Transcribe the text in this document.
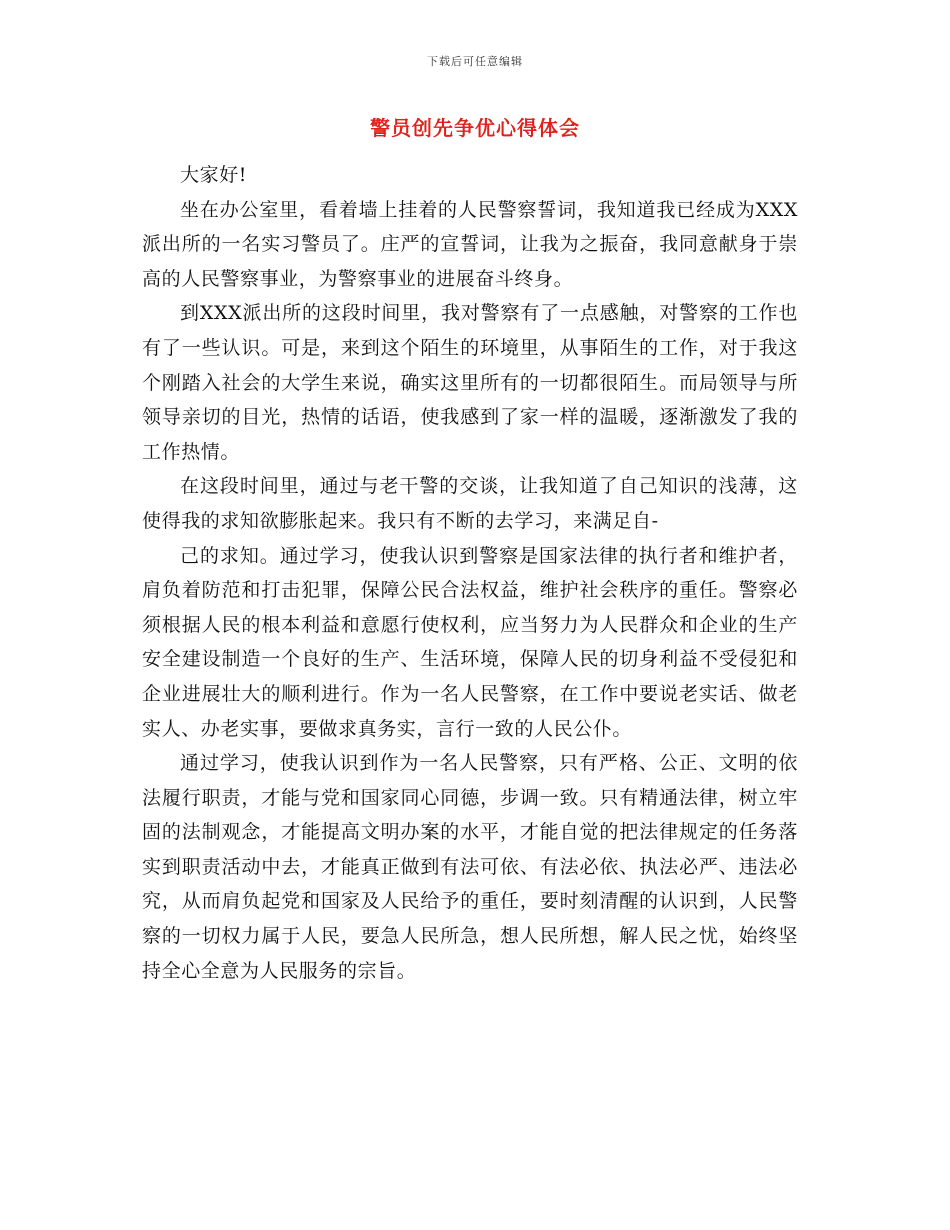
下载后可任意编辑
警员创先争优心得体会

大家好!

坐在办公室里，看着墙上挂着的人民警察誓词，我知道我已经成为XXX派出所的一名实习警员了。庄严的宣誓词，让我为之振奋，我同意献身于崇高的人民警察事业，为警察事业的进展奋斗终身。

到XXX派出所的这段时间里，我对警察有了一点感触，对警察的工作也有了一些认识。可是，来到这个陌生的环境里，从事陌生的工作，对于我这个刚踏入社会的大学生来说，确实这里所有的一切都很陌生。而局领导与所领导亲切的目光，热情的话语，使我感到了家一样的温暖，逐渐激发了我的工作热情。

在这段时间里，通过与老干警的交谈，让我知道了自己知识的浅薄，这使得我的求知欲膨胀起来。我只有不断的去学习，来满足自-

己的求知。通过学习，使我认识到警察是国家法律的执行者和维护者，肩负着防范和打击犯罪，保障公民合法权益，维护社会秩序的重任。警察必须根据人民的根本利益和意愿行使权利，应当努力为人民群众和企业的生产安全建设制造一个良好的生产、生活环境，保障人民的切身利益不受侵犯和企业进展壮大的顺利进行。作为一名人民警察，在工作中要说老实话、做老实人、办老实事，要做求真务实，言行一致的人民公仆。

通过学习，使我认识到作为一名人民警察，只有严格、公正、文明的依法履行职责，才能与党和国家同心同德，步调一致。只有精通法律，树立牢固的法制观念，才能提高文明办案的水平，才能自觉的把法律规定的任务落实到职责活动中去，才能真正做到有法可依、有法必依、执法必严、违法必究，从而肩负起党和国家及人民给予的重任，要时刻清醒的认识到，人民警察的一切权力属于人民，要急人民所急，想人民所想，解人民之忧，始终坚持全心全意为人民服务的宗旨。
